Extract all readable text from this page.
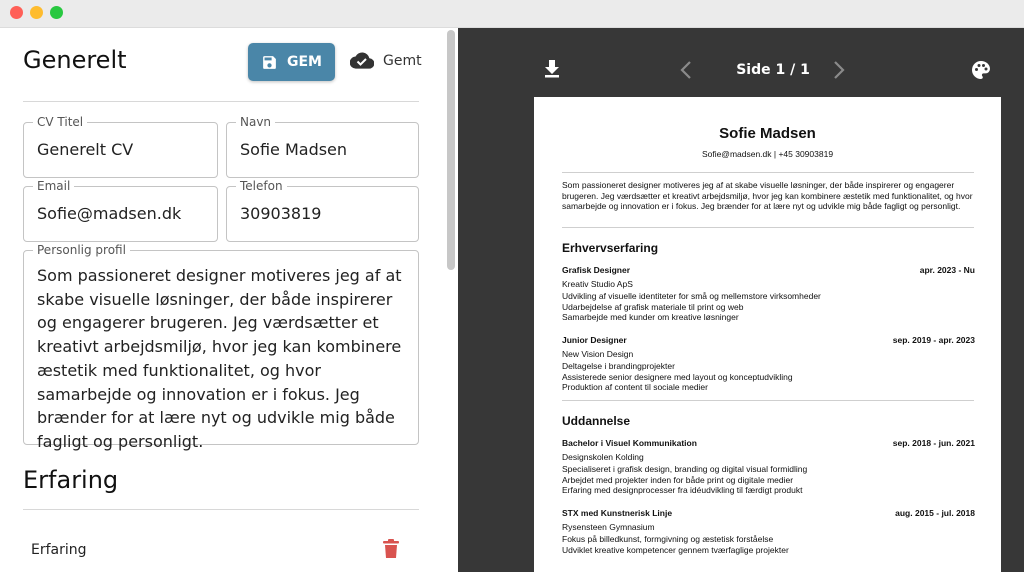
Generelt	GEM	Gemt
CV Titel
Generelt CV
Navn
Sofie Madsen
Email
Sofie@madsen.dk
Telefon
30903819
Personlig profil
Som passioneret designer motiveres jeg af at skabe visuelle løsninger, der både inspirerer og engagerer brugeren. Jeg værdsætter et kreativt arbejdsmiljø, hvor jeg kan kombinere æstetik med funktionalitet, og hvor samarbejde og innovation er i fokus. Jeg brænder for at lære nyt og udvikle mig både fagligt og personligt.
Erfaring
Erfaring
Side 1 / 1
Sofie Madsen
Sofie@madsen.dk | +45 30903819
Som passioneret designer motiveres jeg af at skabe visuelle løsninger, der både inspirerer og engagerer brugeren. Jeg værdsætter et kreativt arbejdsmiljø, hvor jeg kan kombinere æstetik med funktionalitet, og hvor samarbejde og innovation er i fokus. Jeg brænder for at lære nyt og udvikle mig både fagligt og personligt.
Erhvervserfaring
Grafisk Designer	apr. 2023 - Nu
Kreativ Studio ApS
Udvikling af visuelle identiteter for små og mellemstore virksomheder
Udarbejdelse af grafisk materiale til print og web
Samarbejde med kunder om kreative løsninger
Junior Designer	sep. 2019 - apr. 2023
New Vision Design
Deltagelse i brandingprojekter
Assisterede senior designere med layout og konceptudvikling
Produktion af content til sociale medier
Uddannelse
Bachelor i Visuel Kommunikation	sep. 2018 - jun. 2021
Designskolen Kolding
Specialiseret i grafisk design, branding og digital visual formidling
Arbejdet med projekter inden for både print og digitale medier
Erfaring med designprocesser fra idéudvikling til færdigt produkt
STX med Kunstnerisk Linje	aug. 2015 - jul. 2018
Rysensteen Gymnasium
Fokus på billedkunst, formgivning og æstetisk forståelse
Udviklet kreative kompetencer gennem tværfaglige projekter
